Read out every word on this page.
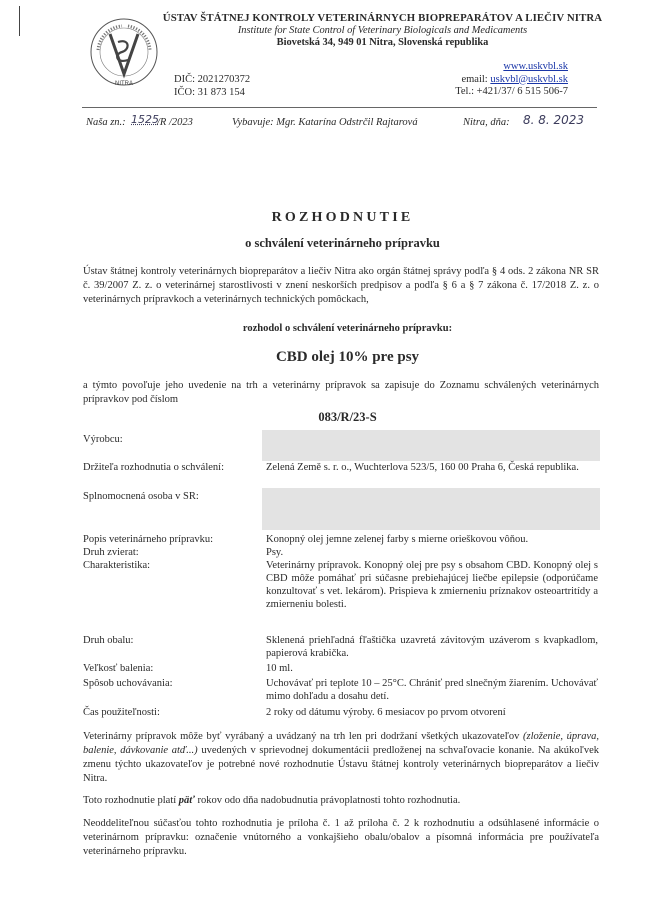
NITRA
ÚSTAV ŠTÁTNEJ KONTROLY VETERINÁRNYCH BIOPREPARÁTOV A LIEČIV NITRA
Institute for State Control of Veterinary Biologicals and Medicaments
Biovetská 34, 949 01 Nitra, Slovenská republika
DIČ: 2021270372
IČO: 31 873 154
www.uskvbl.sk
email: uskvbl@uskvbl.sk
Tel.: +421/37/ 6 515 506-7
Naša zn.: 1525
/R /2023	Vybavuje: Mgr. Katarína Odstrčil Rajtarová	Nitra, dňa: 8. 8. 2023
ROZHODNUTIE
o schválení veterinárneho prípravku
Ústav štátnej kontroly veterinárnych biopreparátov a liečiv Nitra ako orgán štátnej správy podľa § 4 ods. 2 zákona NR SR č. 39/2007 Z. z. o veterinárnej starostlivosti v znení neskorších predpisov a podľa § 6 a § 7 zákona č. 17/2018 Z. z. o veterinárnych prípravkoch a veterinárnych technických pomôckach,
rozhodol o schválení veterinárneho prípravku:
CBD olej 10% pre psy
a týmto povoľuje jeho uvedenie na trh a veterinárny prípravok sa zapisuje do Zoznamu schválených veterinárnych prípravkov pod číslom
083/R/23-S
Výrobcu:
Držiteľa rozhodnutia o schválení:	Zelená Země s. r. o., Wuchterlova 523/5, 160 00 Praha 6, Česká republika.
Splnomocnená osoba v SR:
Popis veterinárneho prípravku:	Konopný olej jemne zelenej farby s mierne orieškovou vôňou.
Druh zvierat:	Psy.
Charakteristika:	Veterinárny prípravok. Konopný olej pre psy s obsahom CBD. Konopný olej s CBD môže pomáhať pri súčasne prebiehajúcej liečbe epilepsie (odporúčame konzultovať s vet. lekárom). Prispieva k zmierneniu príznakov osteoartritídy a zmierneniu bolesti.
Druh obalu:	Sklenená priehľadná fľaštička uzavretá závitovým uzáverom s kvapkadlom, papierová krabička.
Veľkosť balenia:	10 ml.
Spôsob uchovávania:	Uchovávať pri teplote 10 – 25°C. Chrániť pred slnečným žiarením. Uchovávať mimo dohľadu a dosahu detí.
Čas použiteľnosti:	2 roky od dátumu výroby. 6 mesiacov po prvom otvorení
Veterinárny prípravok môže byť vyrábaný a uvádzaný na trh len pri dodržaní všetkých ukazovateľov (zloženie, úprava, balenie, dávkovanie atď...) uvedených v sprievodnej dokumentácii predloženej na schvaľovacie konanie. Na akúkoľvek zmenu týchto ukazovateľov je potrebné nové rozhodnutie Ústavu štátnej kontroly veterinárnych biopreparátov a liečiv Nitra.
Toto rozhodnutie platí päť rokov odo dňa nadobudnutia právoplatnosti tohto rozhodnutia.
Neoddeliteľnou súčasťou tohto rozhodnutia je príloha č. 1 až príloha č. 2 k rozhodnutiu a odsúhlasené informácie o veterinárnom prípravku: označenie vnútorného a vonkajšieho obalu/obalov a písomná informácia pre používateľa veterinárneho prípravku.
